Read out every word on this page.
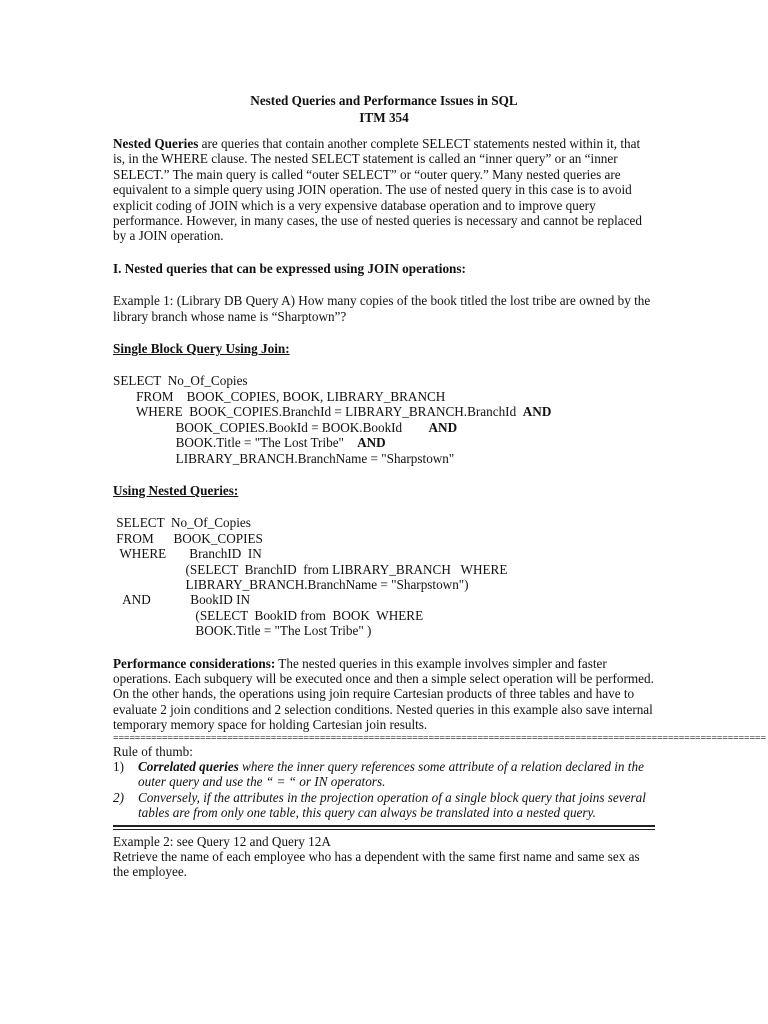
Nested Queries and Performance Issues in SQL

ITM 354

Nested Queries are queries that contain another complete SELECT statements nested within it, that is, in the WHERE clause. The nested SELECT statement is called an “inner query” or an “inner SELECT.” The main query is called “outer SELECT” or “outer query.” Many nested queries are equivalent to a simple query using JOIN operation. The use of nested query in this case is to avoid explicit coding of JOIN which is a very expensive database operation and to improve query performance. However, in many cases, the use of nested queries is necessary and cannot be replaced by a JOIN operation.

I. Nested queries that can be expressed using JOIN operations:

Example 1: (Library DB Query A) How many copies of the book titled the lost tribe are owned by the library branch whose name is “Sharptown”?

Single Block Query Using Join:

SELECT  No_Of_Copies
FROM    BOOK_COPIES, BOOK, LIBRARY_BRANCH
WHERE  BOOK_COPIES.BranchId = LIBRARY_BRANCH.BranchId  AND
BOOK_COPIES.BookId = BOOK.BookId        AND
BOOK.Title = "The Lost Tribe"    AND
LIBRARY_BRANCH.BranchName = "Sharpstown"

Using Nested Queries:

SELECT  No_Of_Copies
FROM      BOOK_COPIES
WHERE       BranchID  IN
(SELECT  BranchID  from LIBRARY_BRANCH   WHERE
LIBRARY_BRANCH.BranchName = "Sharpstown")
AND            BookID IN
(SELECT  BookID from  BOOK  WHERE
BOOK.Title = "The Lost Tribe" )

Performance considerations: The nested queries in this example involves simpler and faster operations. Each subquery will be executed once and then a simple select operation will be performed. On the other hands, the operations using join require Cartesian products of three tables and have to evaluate 2 join conditions and 2 selection conditions. Nested queries in this example also save internal temporary memory space for holding Cartesian join results.

========================================================================================================================

Rule of thumb:

1) Correlated queries where the inner query references some attribute of a relation declared in the outer query and use the “ = “ or IN operators.
2) Conversely, if the attributes in the projection operation of a single block query that joins several tables are from only one table, this query can always be translated into a nested query.

Example 2: see Query 12 and Query 12A

Retrieve the name of each employee who has a dependent with the same first name and same sex as the employee.
